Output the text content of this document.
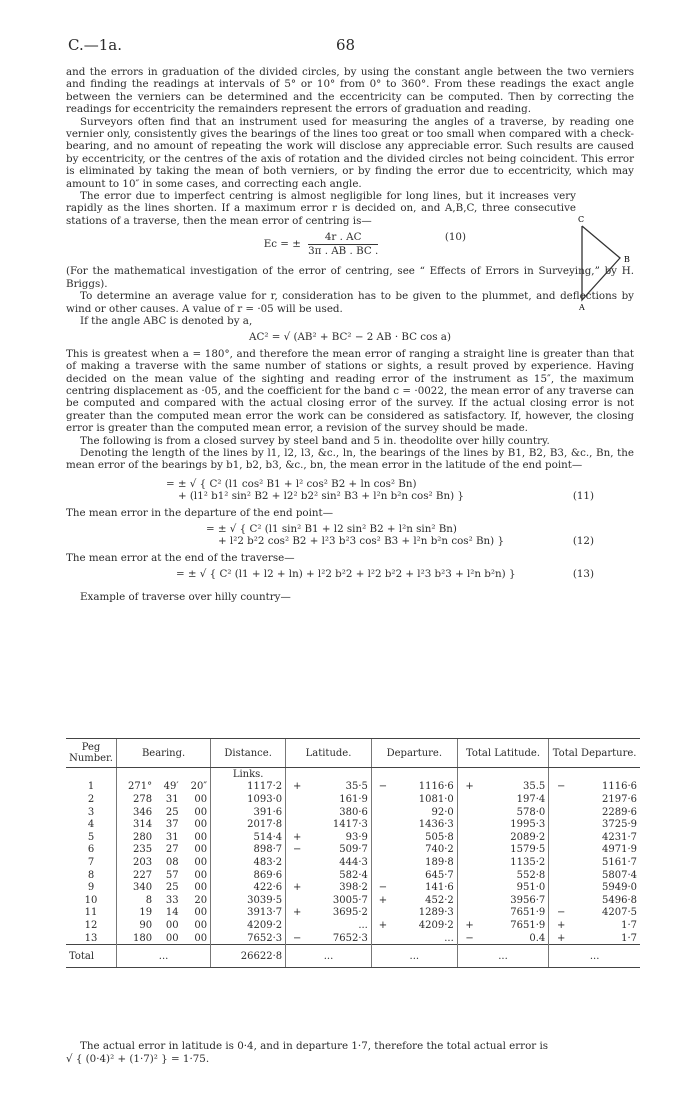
C.—1a.	68

and the errors in graduation of the divided circles, by using the constant angle between the two verniers and finding the readings at intervals of 5° or 10° from 0° to 360°. From these readings the exact angle between the verniers can be determined and the eccentricity can be computed. Then by correcting the readings for eccentricity the remainders represent the errors of graduation and reading.

Surveyors often find that an instrument used for measuring the angles of a traverse, by reading one vernier only, consistently gives the bearings of the lines too great or too small when compared with a check-bearing, and no amount of repeating the work will disclose any appreciable error. Such results are caused by eccentricity, or the centres of the axis of rotation and the divided circles not being coincident. This error is eliminated by taking the mean of both verniers, or by finding the error due to eccentricity, which may amount to 10″ in some cases, and correcting each angle.

The error due to imperfect centring is almost negligible for long lines, but it increases very rapidly as the lines shorten. If a maximum error r is decided on, and A,B,C, three consecutive stations of a traverse, then the mean error of centring is—

Ec = ± $\frac{4r . AC}{3\pi . AB . BC .}$	(10)

(For the mathematical investigation of the error of centring, see “ Effects of Errors in Surveying,” by H. Briggs).

To determine an average value for r, consideration has to be given to the plummet, and deflections by wind or other causes. A value of r = ·05 will be used.

If the angle ABC is denoted by a,

AC² = √ (AB² + BC² − 2 AB · BC cos a)

This is greatest when a = 180°, and therefore the mean error of ranging a straight line is greater than that of making a traverse with the same number of stations or sights, a result proved by experience. Having decided on the mean value of the sighting and reading error of the instrument as 15″, the maximum centring displacement as ·05, and the coefficient for the band c = ·0022, the mean error of any traverse can be computed and compared with the actual closing error of the survey. If the actual closing error is not greater than the computed mean error the work can be considered as satisfactory. If, however, the closing error is greater than the computed mean error, a revision of the survey should be made.

The following is from a closed survey by steel band and 5 in. theodolite over hilly country.

Denoting the length of the lines by l1, l2, l3, &c., ln, the bearings of the lines by B1, B2, B3, &c., Bn, the mean error of the bearings by b1, b2, b3, &c., bn, the mean error in the latitude of the end point—

= ± √ { C² (l1 cos² B1 + l² cos² B2 + ln cos² Bn)
+ (l1² b1² sin² B2 + l2² b2² sin² B3 + l²n b²n cos² Bn) }	(11)

The mean error in the departure of the end point—

= ± √ { C² (l1 sin² B1 + l2 sin² B2 + l²n sin² Bn)
+ l²2 b²2 cos² B2 + l²3 b²3 cos² B3 + l²n b²n cos² Bn) }	(12)

The mean error at the end of the traverse—

= ± √ { C² (l1 + l2 + ln) + l²2 b²2 + l²2 b²2 + l²3 b²3 + l²n b²n) }	(13)

Example of traverse over hilly country—

C
B
A
Peg Number.	Bearing.			Distance.	Latitude.		Departure.		Total Latitude.		Total Departure.	
				Links.								
1	271°	49′	20″	1117·2	+	35·5	−	1116·6	+	35.5	−	1116·6
2	278	31	00	1093·0		161·9		1081·0		197·4		2197·6
3	346	25	00	391·6		380·6		92·0		578·0		2289·6
4	314	37	00	2017·8		1417·3		1436·3		1995·3		3725·9
5	280	31	00	514·4	+	93·9		505·8		2089·2		4231·7
6	235	27	00	898·7	−	509·7		740·2		1579·5		4971·9
7	203	08	00	483·2		444·3		189·8		1135·2		5161·7
8	227	57	00	869·6		582·4		645·7		552·8		5807·4
9	340	25	00	422·6	+	398·2	−	141·6		951·0		5949·0
10	8	33	20	3039·5		3005·7	+	452·2		3956·7		5496·8
11	19	14	00	3913·7	+	3695·2		1289·3		7651·9	−	4207·5
12	90	00	00	4209·2		...	+	4209·2	+	7651·9	+	1·7
13	180	00	00	7652·3	−	7652·3		...	−	0.4	+	1·7
Total	...			26622·8	...		...		...		...	
The actual error in latitude is 0·4, and in departure 1·7, therefore the total actual error is
√ { (0·4)² + (1·7)² } = 1·75.
